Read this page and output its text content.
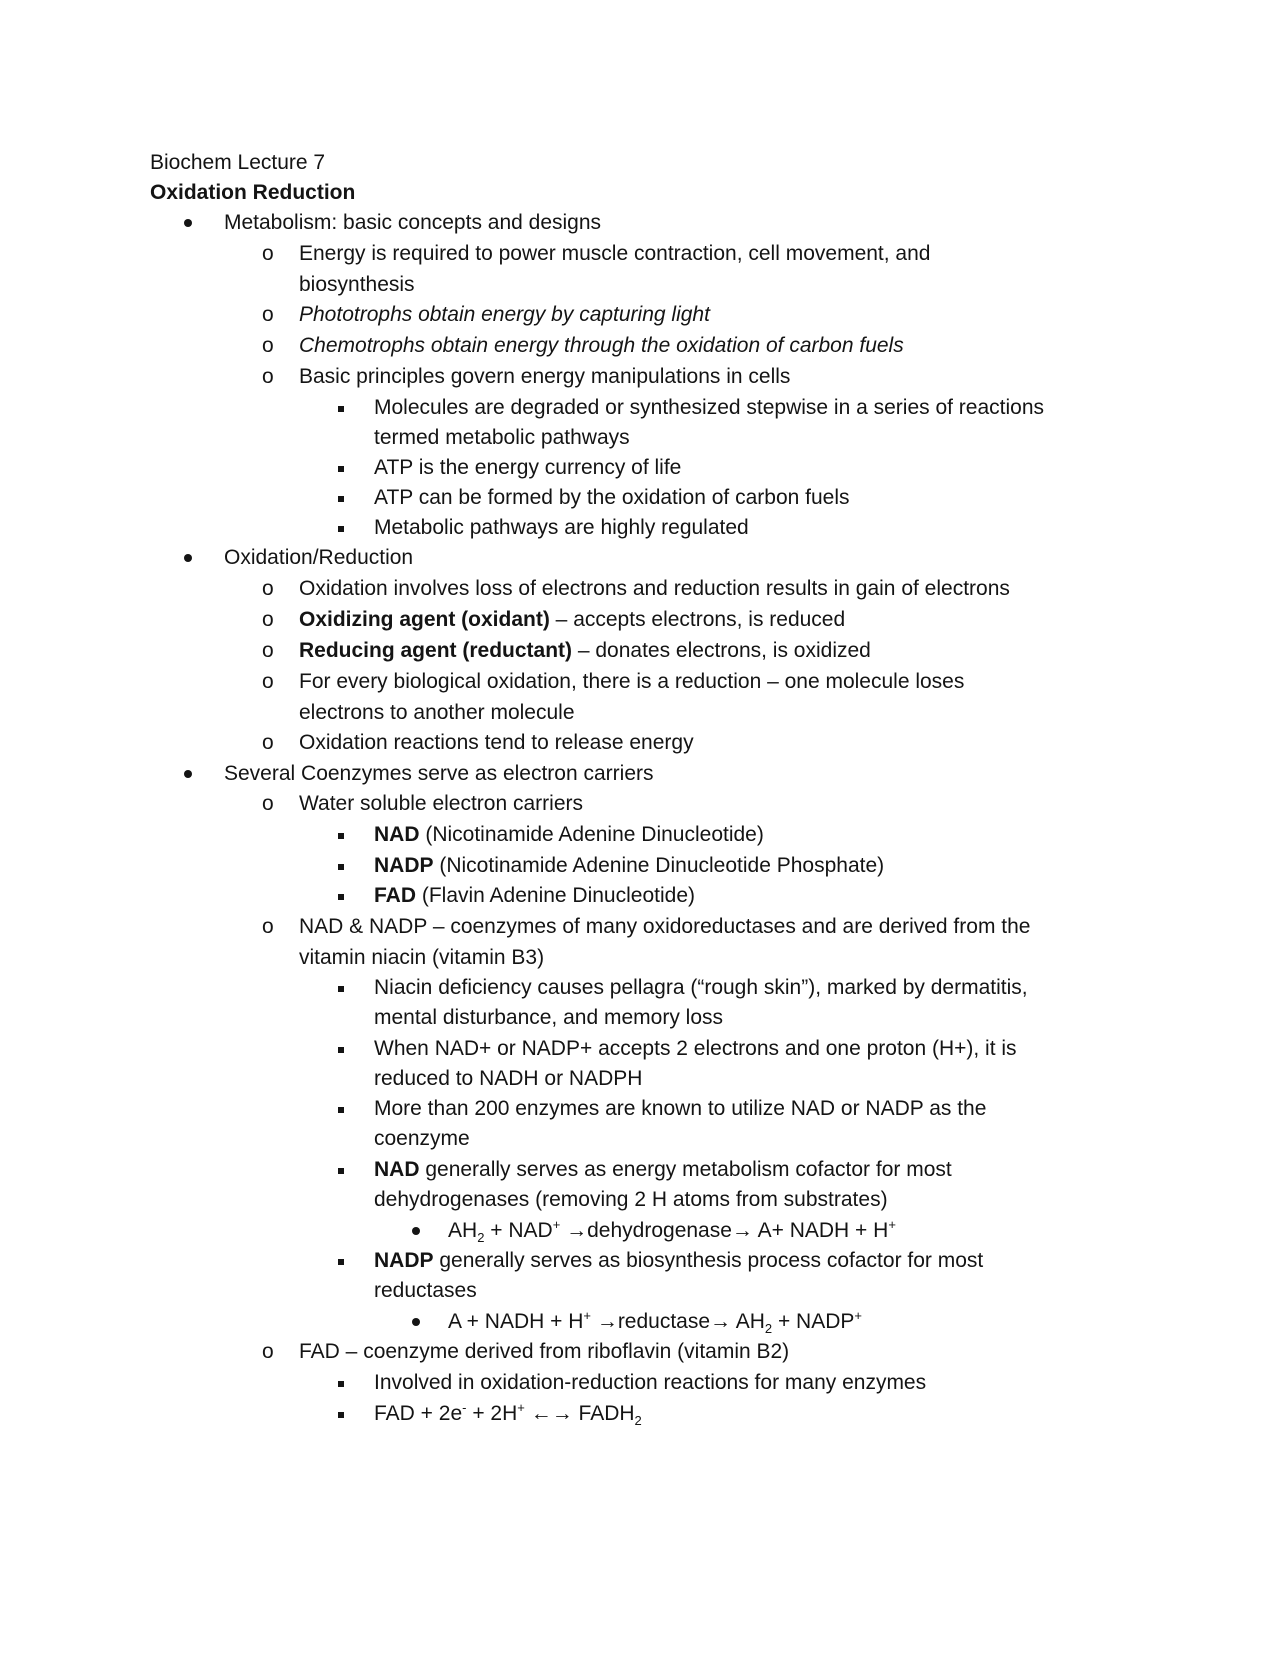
Biochem Lecture 7
Oxidation Reduction
Metabolism: basic concepts and designs
o Energy is required to power muscle contraction, cell movement, and
biosynthesis
o Phototrophs obtain energy by capturing light
o Chemotrophs obtain energy through the oxidation of carbon fuels
o Basic principles govern energy manipulations in cells
Molecules are degraded or synthesized stepwise in a series of reactions
termed metabolic pathways
ATP is the energy currency of life
ATP can be formed by the oxidation of carbon fuels
Metabolic pathways are highly regulated
Oxidation/Reduction
o Oxidation involves loss of electrons and reduction results in gain of electrons
o Oxidizing agent (oxidant) – accepts electrons, is reduced
o Reducing agent (reductant) – donates electrons, is oxidized
o For every biological oxidation, there is a reduction – one molecule loses
electrons to another molecule
o Oxidation reactions tend to release energy
Several Coenzymes serve as electron carriers
o Water soluble electron carriers
NAD (Nicotinamide Adenine Dinucleotide)
NADP (Nicotinamide Adenine Dinucleotide Phosphate)
FAD (Flavin Adenine Dinucleotide)
o NAD & NADP – coenzymes of many oxidoreductases and are derived from the
vitamin niacin (vitamin B3)
Niacin deficiency causes pellagra (“rough skin”), marked by dermatitis,
mental disturbance, and memory loss
When NAD+ or NADP+ accepts 2 electrons and one proton (H+), it is
reduced to NADH or NADPH
More than 200 enzymes are known to utilize NAD or NADP as the
coenzyme
NAD generally serves as energy metabolism cofactor for most
dehydrogenases (removing 2 H atoms from substrates)
$AH_2 + NAD^+$ →dehydrogenase→ A+ NADH + H+
NADP generally serves as biosynthesis process cofactor for most
reductases
A + NADH + H+ →reductase→ $AH_2$ + NADP+
o FAD – coenzyme derived from riboflavin (vitamin B2)
Involved in oxidation-reduction reactions for many enzymes
FAD + 2e- + 2H+ ←→ $FADH_2$
